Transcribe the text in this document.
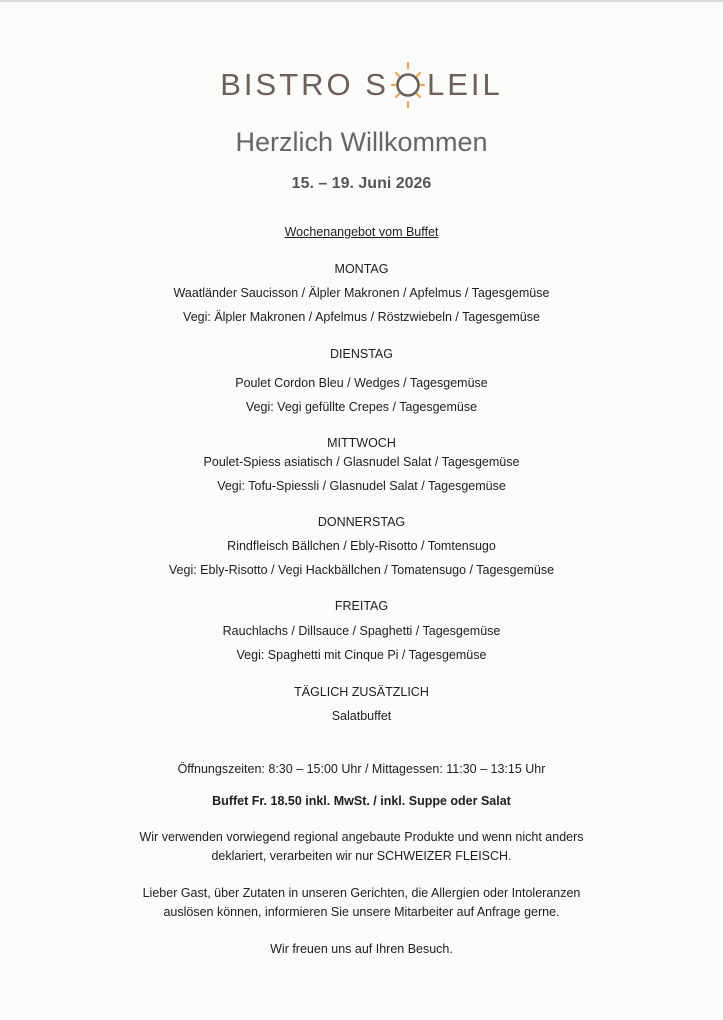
BISTRO S LEIL
Herzlich Willkommen
15. – 19. Juni 2026
Wochenangebot vom Buffet
MONTAG
Waatländer Saucisson / Älpler Makronen / Apfelmus / Tagesgemüse
Vegi: Älpler Makronen / Apfelmus / Röstzwiebeln / Tagesgemüse
DIENSTAG
Poulet Cordon Bleu / Wedges / Tagesgemüse
Vegi: Vegi gefüllte Crepes / Tagesgemüse
MITTWOCH
Poulet-Spiess asiatisch / Glasnudel Salat / Tagesgemüse
Vegi: Tofu-Spiessli / Glasnudel Salat / Tagesgemüse
DONNERSTAG
Rindfleisch Bällchen / Ebly-Risotto / Tomtensugo
Vegi: Ebly-Risotto / Vegi Hackbällchen / Tomatensugo / Tagesgemüse
FREITAG
Rauchlachs / Dillsauce / Spaghetti / Tagesgemüse
Vegi: Spaghetti mit Cinque Pi / Tagesgemüse
TÄGLICH ZUSÄTZLICH
Salatbuffet
Öffnungszeiten: 8:30 – 15:00 Uhr / Mittagessen: 11:30 – 13:15 Uhr
Buffet Fr. 18.50 inkl. MwSt. / inkl. Suppe oder Salat
Wir verwenden vorwiegend regional angebaute Produkte und wenn nicht anders
deklariert, verarbeiten wir nur SCHWEIZER FLEISCH.
Lieber Gast, über Zutaten in unseren Gerichten, die Allergien oder Intoleranzen
auslösen können, informieren Sie unsere Mitarbeiter auf Anfrage gerne.
Wir freuen uns auf Ihren Besuch.
